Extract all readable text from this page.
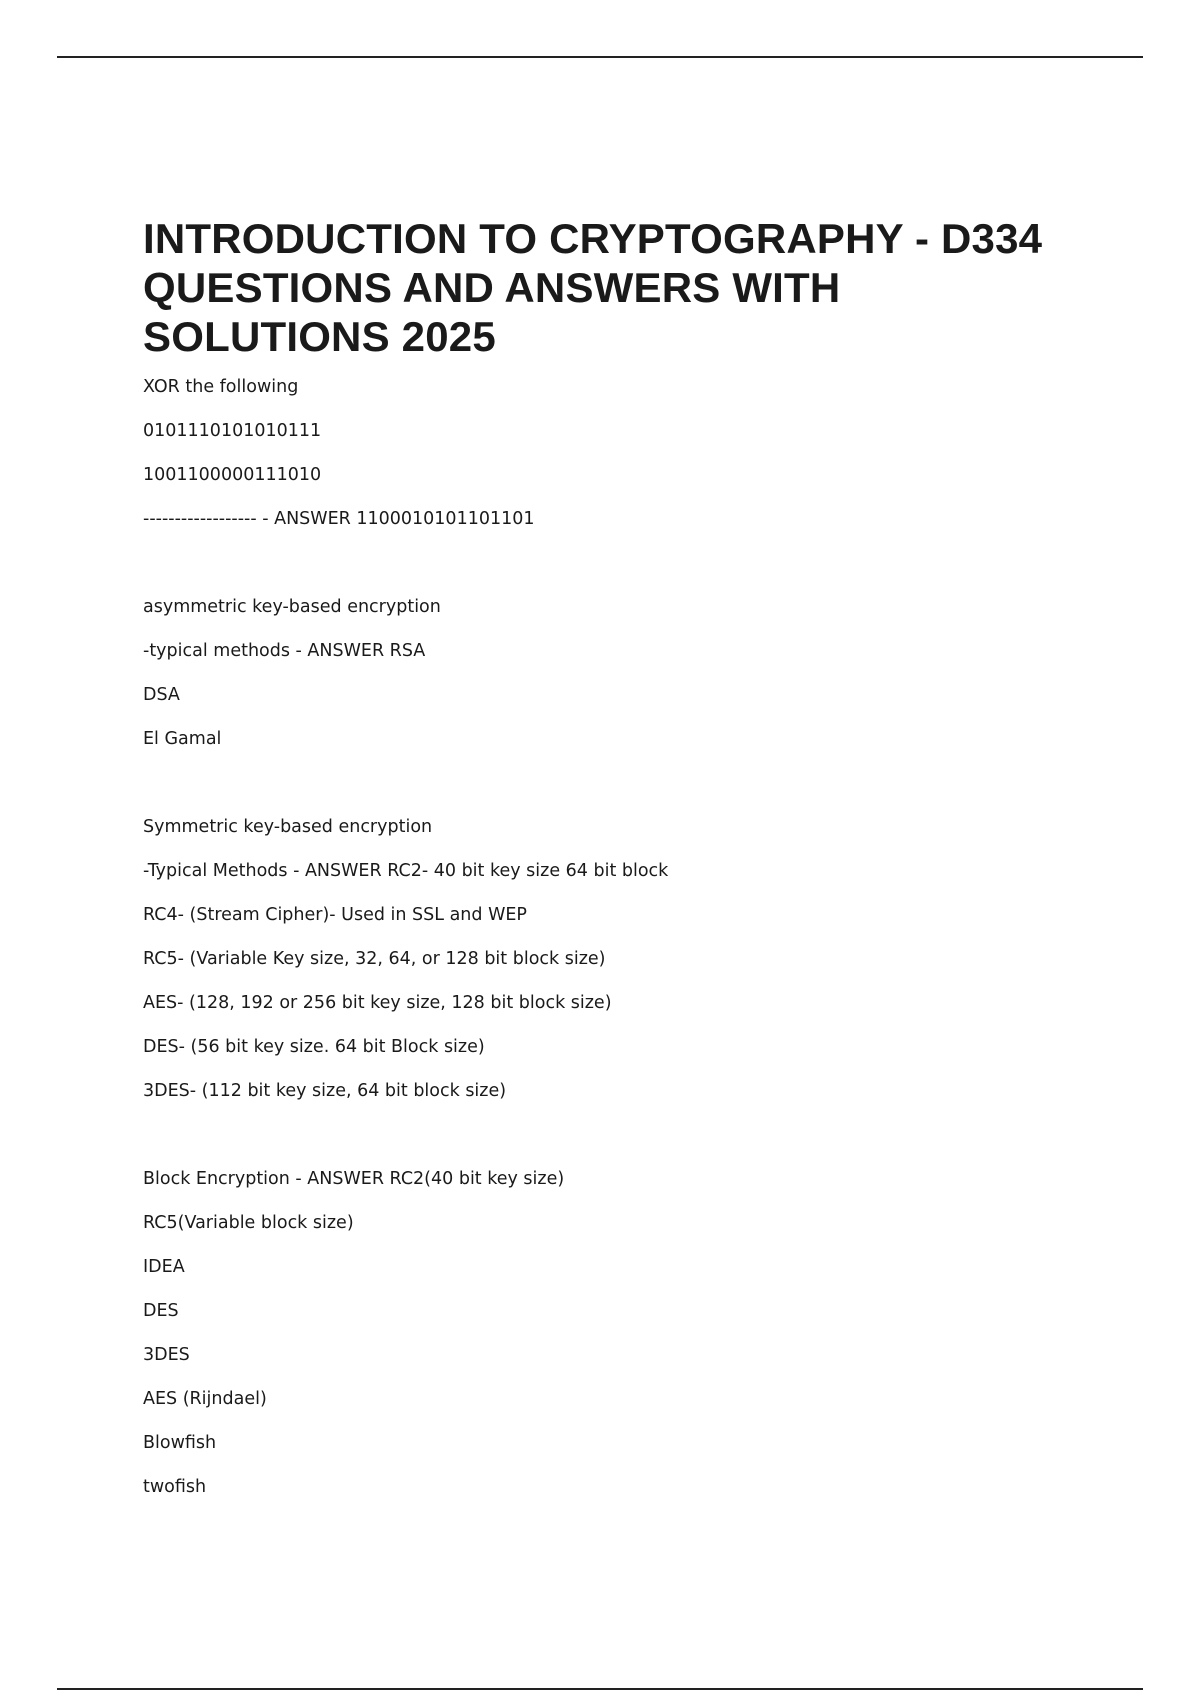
INTRODUCTION TO CRYPTOGRAPHY - D334
QUESTIONS AND ANSWERS WITH
SOLUTIONS 2025
XOR the following
0101110101010111
1001100000111010
------------------ - ANSWER 1100010101101101
asymmetric key-based encryption
-typical methods - ANSWER RSA
DSA
El Gamal
Symmetric key-based encryption
-Typical Methods - ANSWER RC2- 40 bit key size 64 bit block
RC4- (Stream Cipher)- Used in SSL and WEP
RC5- (Variable Key size, 32, 64, or 128 bit block size)
AES- (128, 192 or 256 bit key size, 128 bit block size)
DES- (56 bit key size. 64 bit Block size)
3DES- (112 bit key size, 64 bit block size)
Block Encryption - ANSWER RC2(40 bit key size)
RC5(Variable block size)
IDEA
DES
3DES
AES (Rijndael)
Blowfish
twofish
